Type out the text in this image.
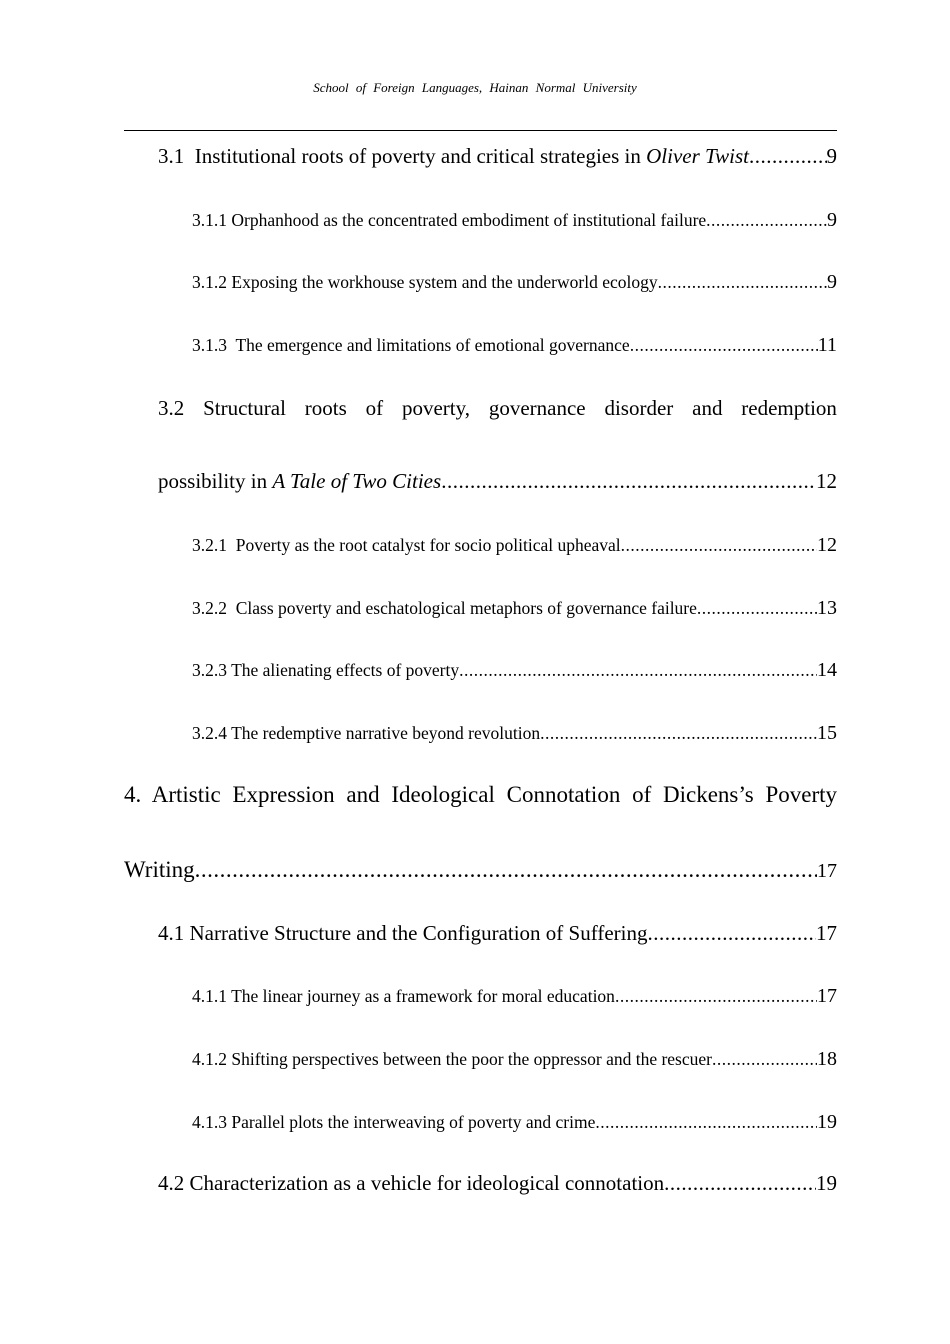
School of Foreign Languages, Hainan Normal University
3.1 Institutional roots of poverty and critical strategies in Oliver Twist .....	9
3.1.1 Orphanhood as the concentrated embodiment of institutional failure .....	9
3.1.2 Exposing the workhouse system and the underworld ecology .....	9
3.1.3 The emergence and limitations of emotional governance .....	11
3.2 Structural roots of poverty, governance disorder and redemption
possibility in A Tale of Two Cities .....	12
3.2.1 Poverty as the root catalyst for socio political upheaval .....	12
3.2.2 Class poverty and eschatological metaphors of governance failure .....	13
3.2.3 The alienating effects of poverty .....	14
3.2.4 The redemptive narrative beyond revolution .....	15
4. Artistic Expression and Ideological Connotation of Dickens’s Poverty
Writing .....	17
4.1 Narrative Structure and the Configuration of Suffering .....	17
4.1.1 The linear journey as a framework for moral education .....	17
4.1.2 Shifting perspectives between the poor the oppressor and the rescuer .....	18
4.1.3 Parallel plots the interweaving of poverty and crime .....	19
4.2 Characterization as a vehicle for ideological connotation .....	19
